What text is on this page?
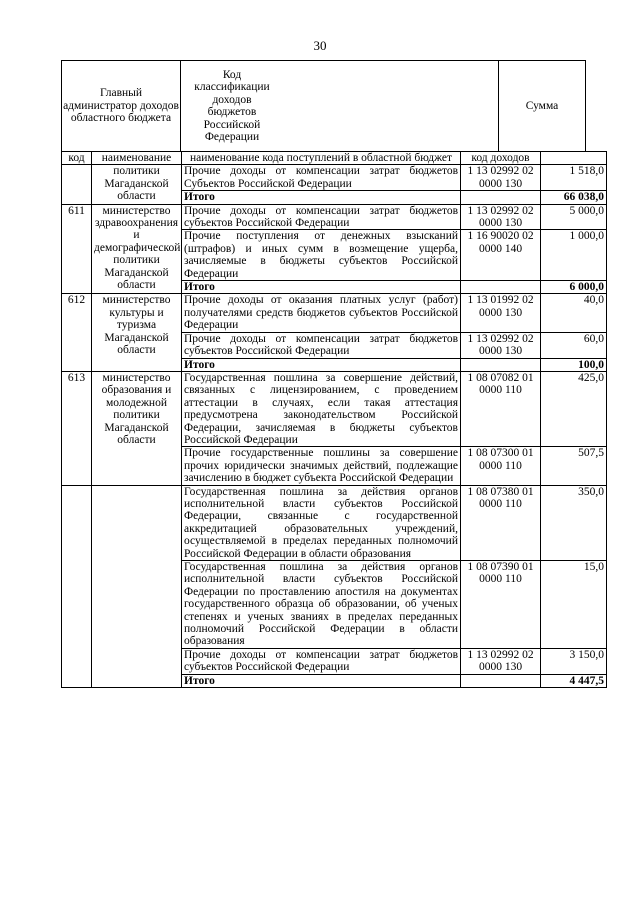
30
Главный администратор доходов областного бюджета
Код классификации доходов бюджетов Российской Федерации
Сумма
код	наименование	наименование кода поступлений в областной бюджет	код доходов	
	политики Магаданской области	Прочие доходы от компенсации затрат бюджетов Субъектов Российской Федерации	1 13 02992 02 0000 130	1 518,0
		Итого		66 038,0
611	министерство здравоохранения и демографической политики Магаданской области	Прочие доходы от компенсации затрат бюджетов субъектов Российской Федерации	1 13 02992 02 0000 130	5 000,0
		Прочие поступления от денежных взысканий (штрафов) и иных сумм в возмещение ущерба, зачисляемые в бюджеты субъектов Российской Федерации	1 16 90020 02 0000 140	1 000,0
		Итого		6 000,0
612	министерство культуры и туризма Магаданской области	Прочие доходы от оказания платных услуг (работ) получателями средств бюджетов субъектов Российской Федерации	1 13 01992 02 0000 130	40,0
		Прочие доходы от компенсации затрат бюджетов субъектов Российской Федерации	1 13 02992 02 0000 130	60,0
		Итого		100,0
613	министерство образования и молодежной политики Магаданской области	Государственная пошлина за совершение действий, связанных с лицензированием, с проведением аттестации в случаях, если такая аттестация предусмотрена законодательством Российской Федерации, зачисляемая в бюджеты субъектов Российской Федерации	1 08 07082 01 0000 110	425,0
		Прочие государственные пошлины за совершение прочих юридически значимых действий, подлежащие зачислению в бюджет субъекта Российской Федерации	1 08 07300 01 0000 110	507,5
		Государственная пошлина за действия органов исполнительной власти субъектов Российской Федерации, связанные с государственной аккредитацией образовательных учреждений, осуществляемой в пределах переданных полномочий Российской Федерации в области образования	1 08 07380 01 0000 110	350,0
		Государственная пошлина за действия органов исполнительной власти субъектов Российской Федерации по проставлению апостиля на документах государственного образца об образовании, об ученых степенях и ученых званиях в пределах переданных полномочий Российской Федерации в области образования	1 08 07390 01 0000 110	15,0
		Прочие доходы от компенсации затрат бюджетов субъектов Российской Федерации	1 13 02992 02 0000 130	3 150,0
		Итого		4 447,5
